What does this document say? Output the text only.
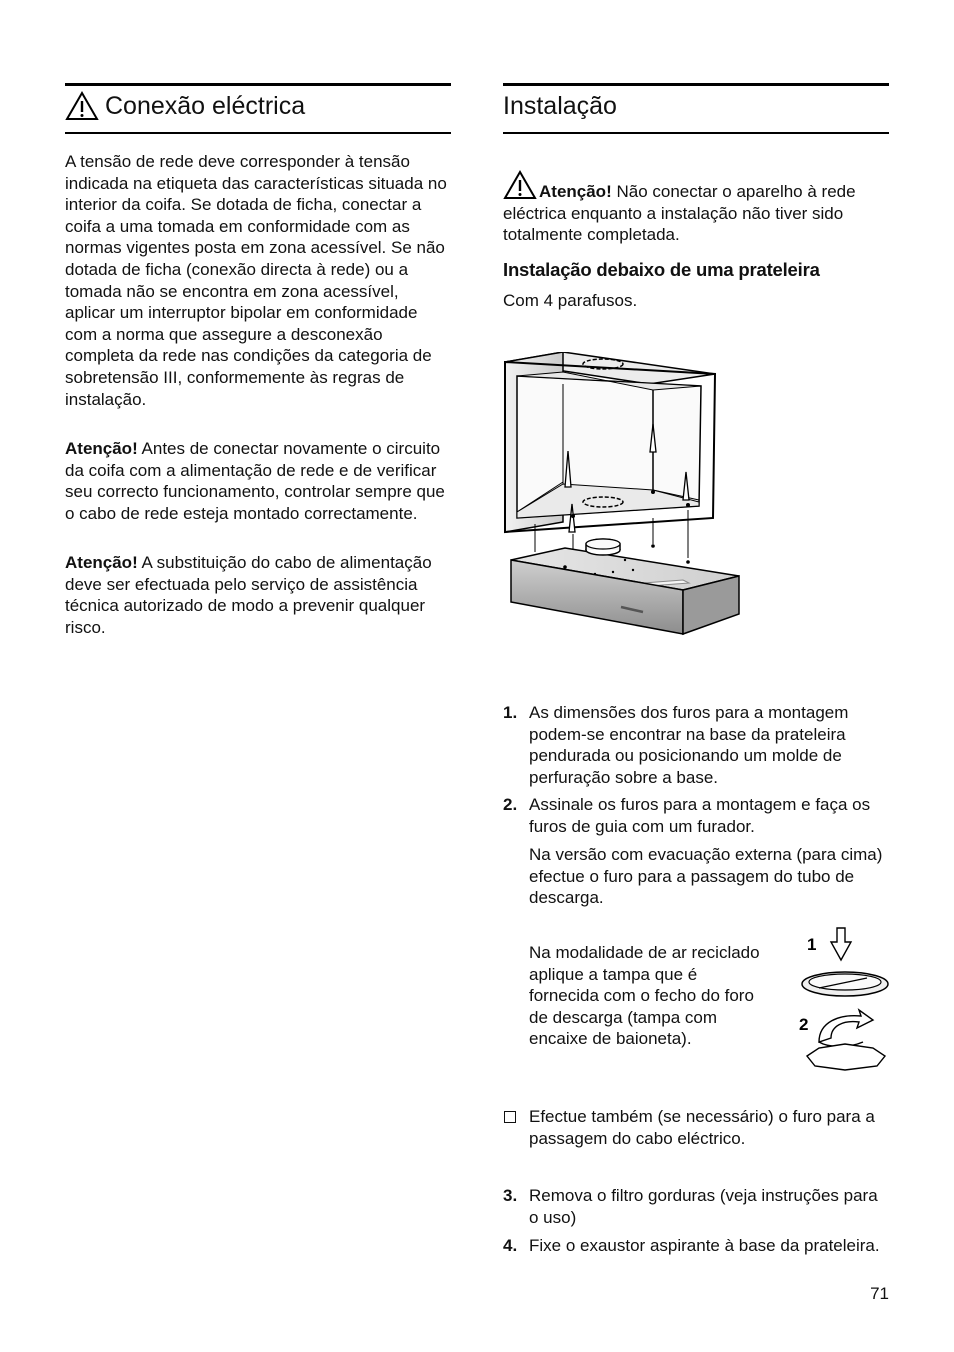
Conexão eléctrica

A tensão de rede deve corresponder à tensão indicada na etiqueta das características situada no interior da coifa. Se dotada de ficha, conectar a coifa a uma tomada em conformidade com as normas vigentes posta em zona acessível. Se não dotada de ficha (conexão directa à rede) ou a tomada não se encontra em zona acessível, aplicar um interruptor bipolar em conformidade com a norma que assegure a desconexão completa da rede nas condições da categoria de sobretensão III, conformemente às regras de instalação.

Atenção! Antes de conectar novamente o circuito da coifa com a alimentação de rede e de verificar seu correcto funcionamento, controlar sempre que o cabo de rede esteja montado correctamente.

Atenção! A substituição do cabo de alimentação deve ser efectuada pelo serviço de assistência técnica autorizado de modo a prevenir qualquer risco.

Instalação

Atenção! Não conectar o aparelho à rede eléctrica enquanto a instalação não tiver sido totalmente completada.

Instalação debaixo de uma prateleira

Com 4 parafusos.

1. As dimensões dos furos para a montagem podem-se encontrar na base da prateleira pendurada ou posicionando um molde de perfuração sobre a base.
2. Assinale os furos para a montagem e faça os furos de guia com um furador.
Na versão com evacuação externa (para cima) efectue o furo para a passagem do tubo de descarga.
Na modalidade de ar reciclado aplique a tampa que é fornecida com o fecho do foro de descarga (tampa com encaixe de baioneta).
1
2
Efectue também (se necessário) o furo para a passagem do cabo eléctrico.
3. Remova o filtro gorduras (veja instruções para o uso)
4. Fixe o exaustor aspirante à base da prateleira.
71
